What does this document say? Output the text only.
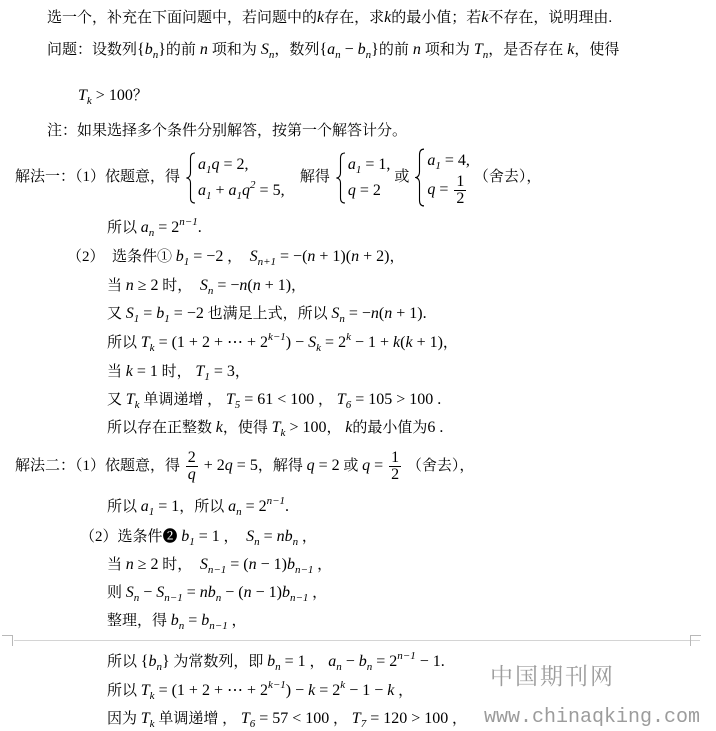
选一个，补充在下面问题中，若问题中的k存在，求k的最小值；若k不存在，说明理由.
问题：设数列$\{b_n\}$的前 n 项和为 $S_n$，数列$\{a_n - b_n\}$的前 n 项和为 $T_n$，是否存在 k，使得
$T_k > 100$？
注：如果选择多个条件分别解答，按第一个解答计分。
解法一：（1）依题意，得
$a_1q = 2$,
$a_1 + a_1q^2 = 5$,
解得
$a_1 = 1$,
q = 2
或
$a_1 = 4$,
$q = \frac{1}{2}$ （舍去），
所以 $a_n = 2^{n-1}$.
（2）  选条件① $b_1 = -2$ ，  $S_{n+1} = -(n + 1)(n + 2)$，
当 n ≥ 2 时，  $S_n = -n(n + 1)$，
又 $S_1 = b_1 = -2$ 也满足上式，所以 $S_n = -n(n + 1)$.
所以 $T_k = (1 + 2$ + ⋯ + $2^{k-1}) - S_k = 2^k - 1 + k(k + 1)$，
当 k = 1 时， $T_1 = 3$，
又 $T_k$ 单调递增 ， $T_5 = 61 < 100$ ， $T_6 = 105 > 100$ .
所以存在正整数 k，使得 $T_k > 100$， k的最小值为6 .
解法二：（1）依题意，得 $\frac{2}{q} + 2q = 5$，解得 q = 2 或 $q = \frac{1}{2}$ （舍去），
所以 $a_1 = 1$，所以 $a_n = 2^{n-1}$.
（2）选条件❷ $b_1 = 1$ ，  $S_n = nb_n$ ，
当 n ≥ 2 时，  $S_{n-1} = (n - 1)b_{n-1}$ ，
则 $S_n - S_{n-1} = nb_n - (n - 1)b_{n-1}$ ，
整理，得 $b_n = b_{n-1}$ ，
所以 $\{b_n\}$ 为常数列，即 $b_n = 1$ ， $a_n - b_n = 2^{n-1} - 1$.
所以 $T_k = (1 + 2$ + ⋯ + $2^{k-1}) - k = 2^k - 1 - k$ ，
因为 $T_k$ 单调递增 ， $T_6 = 57 < 100$ ， $T_7 = 120 > 100$ ，
中国期刊网
www.chinaqking.com
